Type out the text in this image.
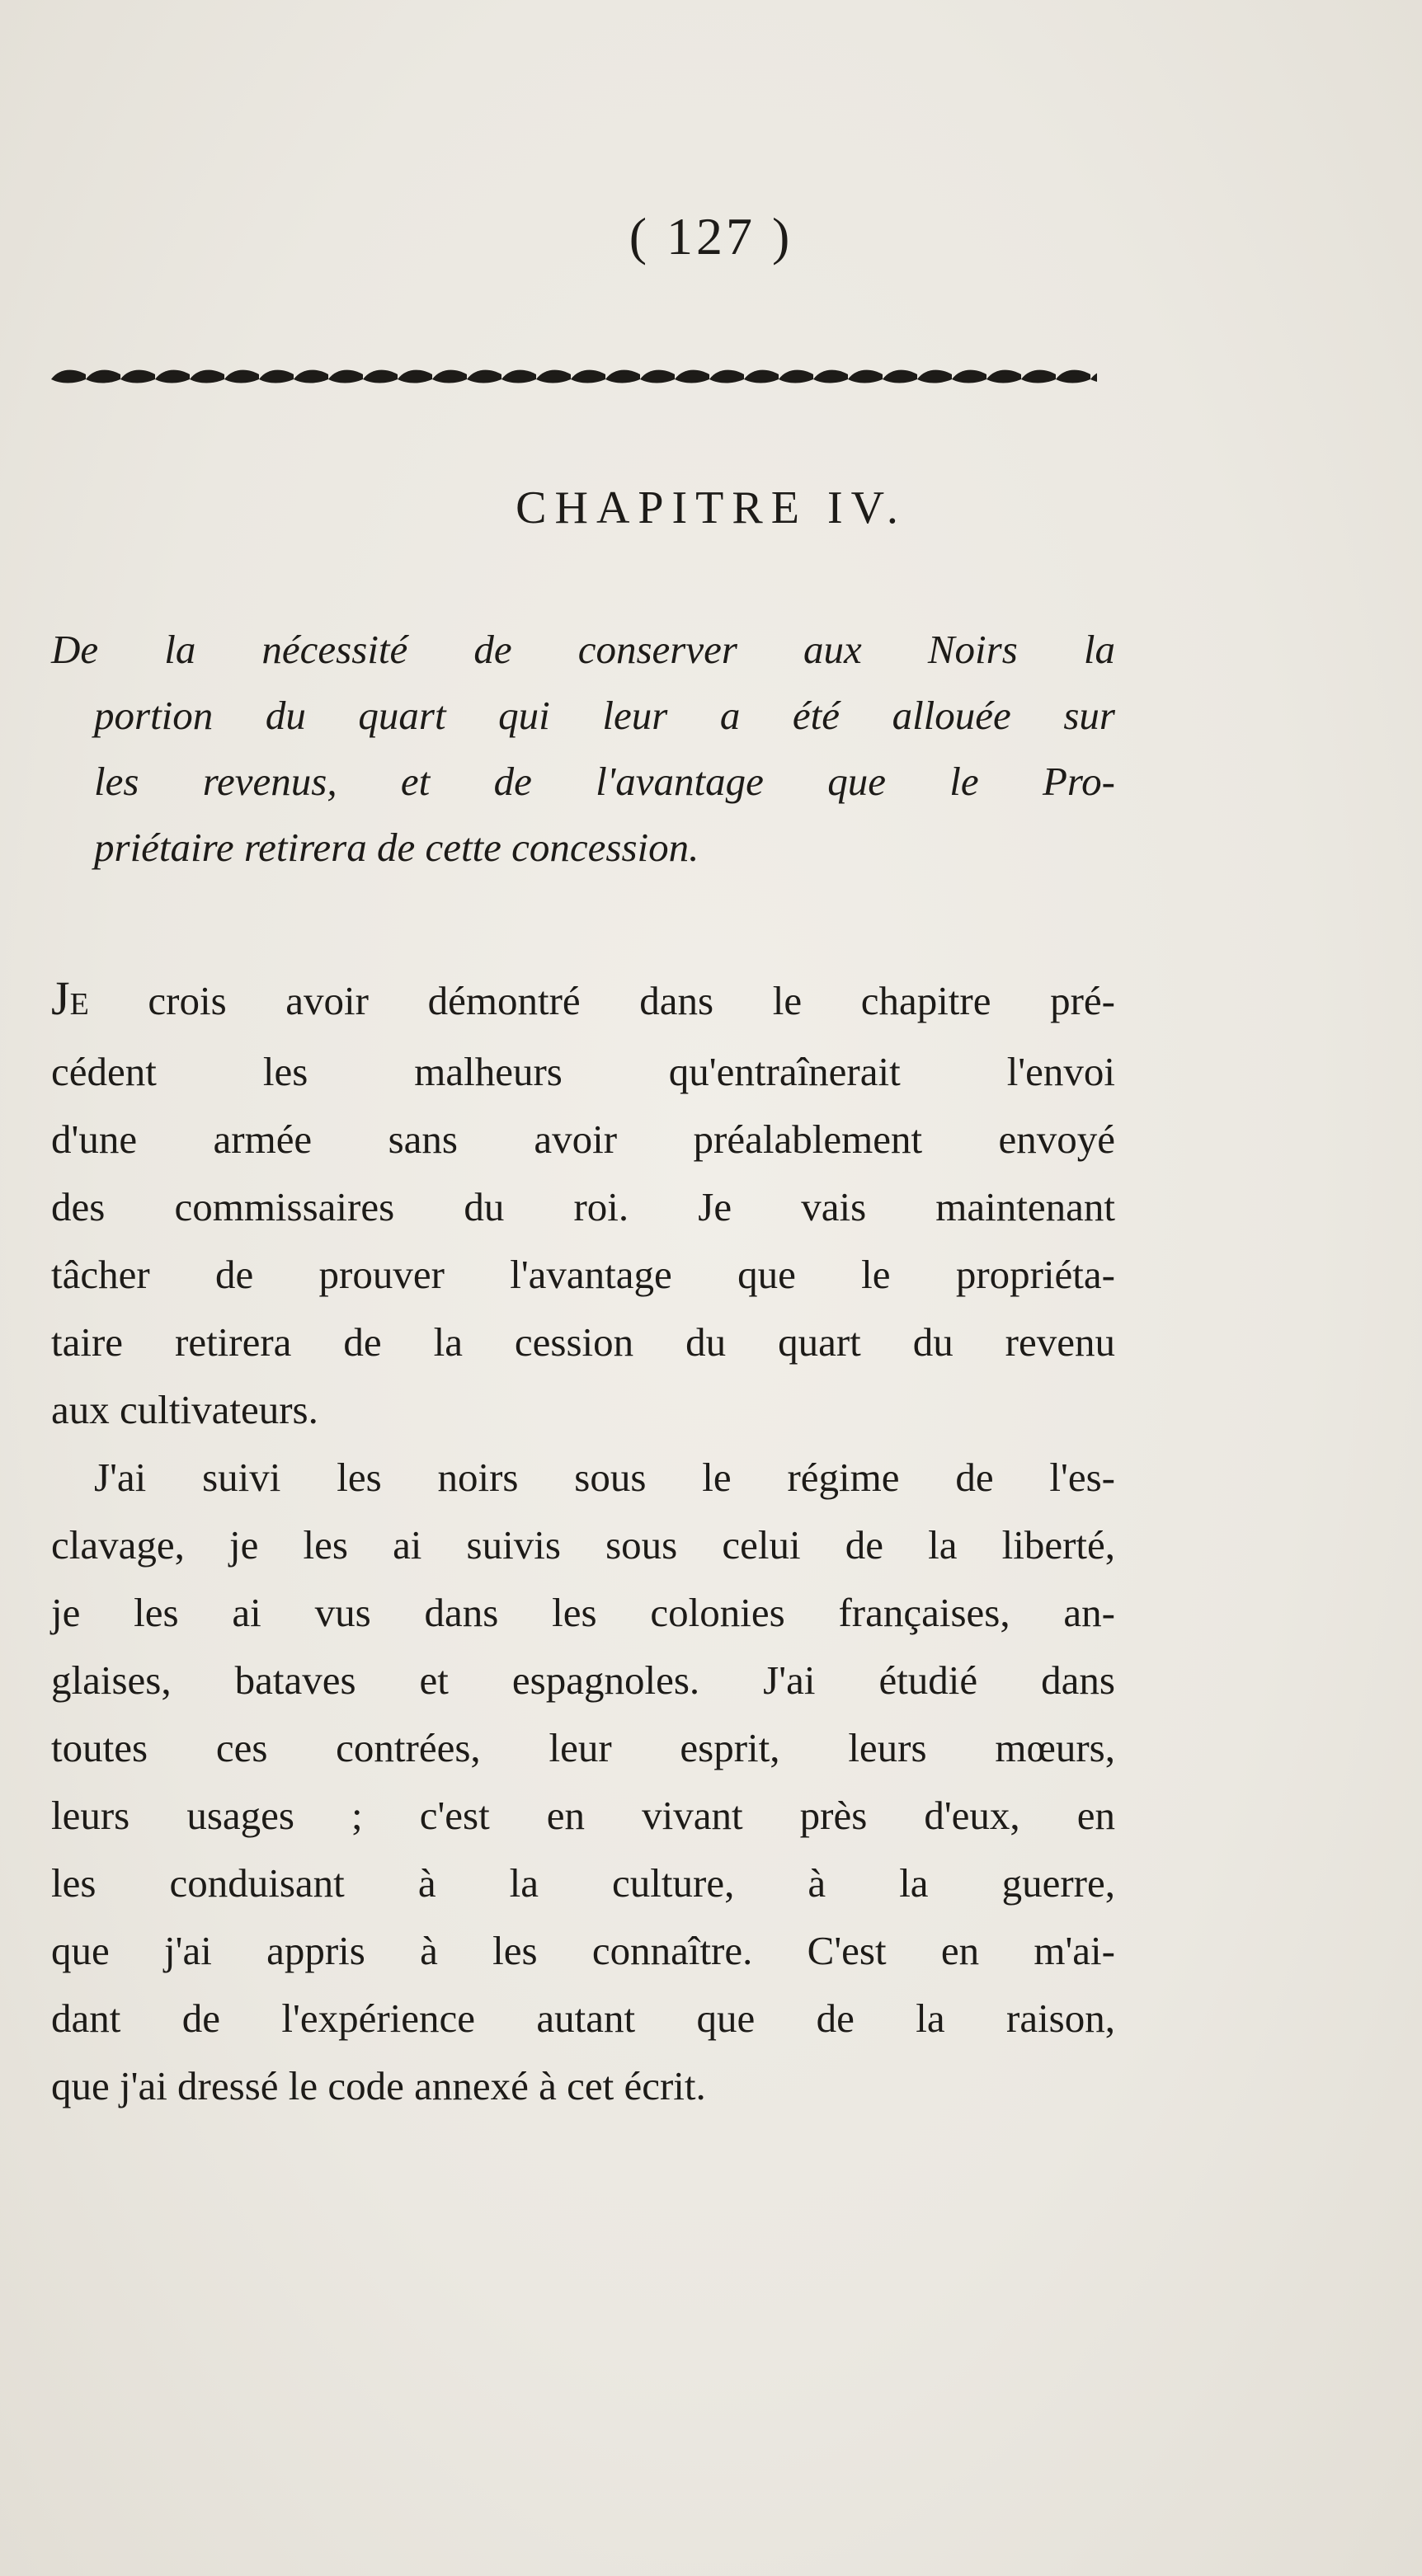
( 127 )
CHAPITRE IV.
De la nécessité de conserver aux Noirs la
portion du quart qui leur a été allouée sur
les revenus, et de l'avantage que le Pro-
priétaire retirera de cette concession.
JE crois avoir démontré dans le chapitre pré-
cédent les malheurs qu'entraînerait l'envoi
d'une armée sans avoir préalablement envoyé
des commissaires du roi. Je vais maintenant
tâcher de prouver l'avantage que le propriéta-
taire retirera de la cession du quart du revenu
aux cultivateurs.
J'ai suivi les noirs sous le régime de l'es-
clavage, je les ai suivis sous celui de la liberté,
je les ai vus dans les colonies françaises, an-
glaises, bataves et espagnoles. J'ai étudié dans
toutes ces contrées, leur esprit, leurs mœurs,
leurs usages ; c'est en vivant près d'eux, en
les conduisant à la culture, à la guerre,
que j'ai appris à les connaître. C'est en m'ai-
dant de l'expérience autant que de la raison,
que j'ai dressé le code annexé à cet écrit.
